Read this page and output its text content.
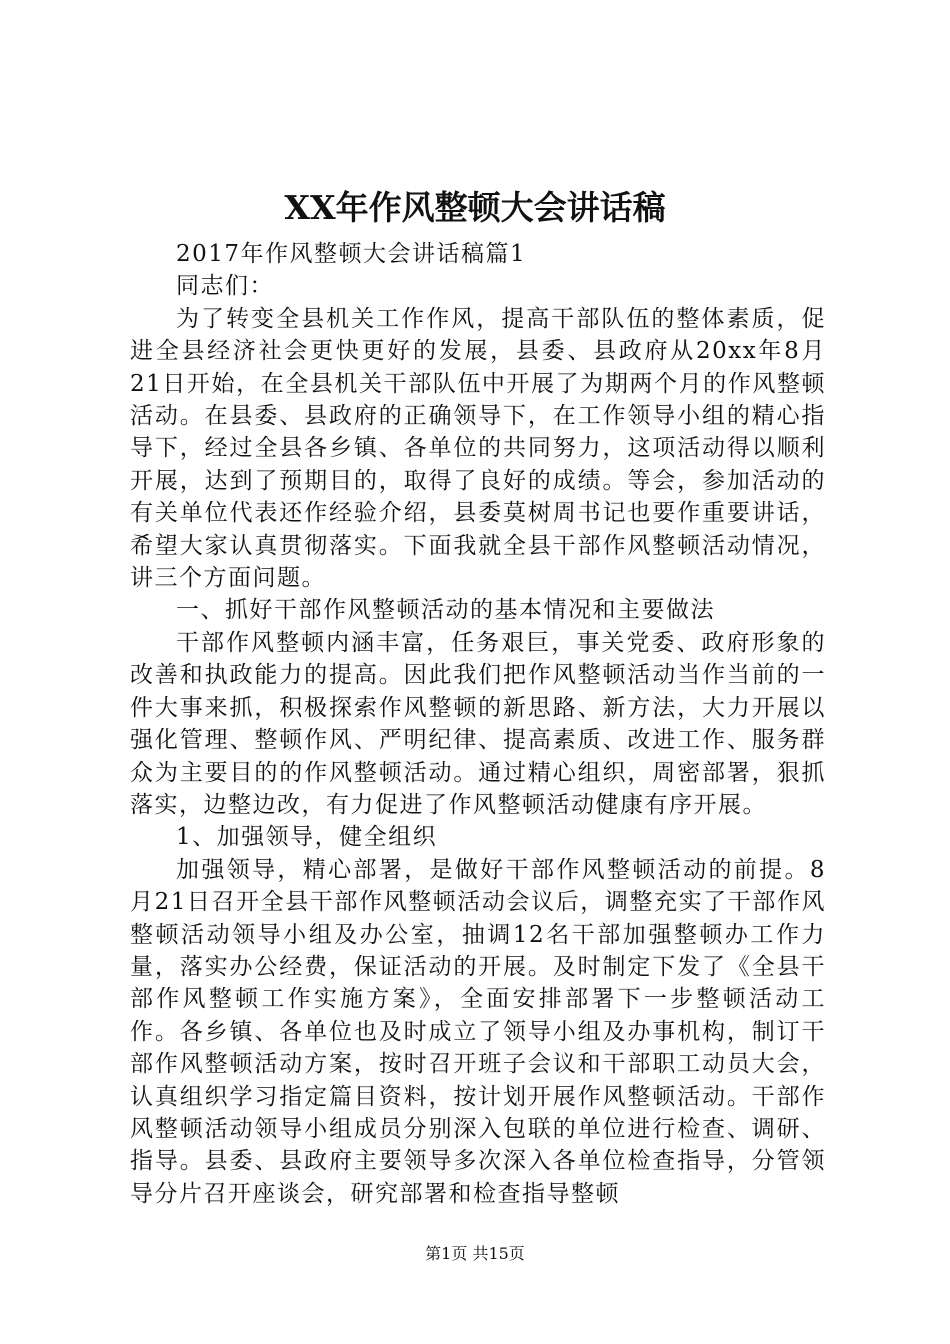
XX年作风整顿大会讲话稿

2017年作风整顿大会讲话稿篇1

同志们：

为了转变全县机关工作作风，提高干部队伍的整体素质，促进全县经济社会更快更好的发展，县委、县政府从20xx年8月21日开始，在全县机关干部队伍中开展了为期两个月的作风整顿活动。在县委、县政府的正确领导下，在工作领导小组的精心指导下，经过全县各乡镇、各单位的共同努力，这项活动得以顺利开展，达到了预期目的，取得了良好的成绩。等会，参加活动的有关单位代表还作经验介绍，县委莫树周书记也要作重要讲话，希望大家认真贯彻落实。下面我就全县干部作风整顿活动情况，讲三个方面问题。

一、抓好干部作风整顿活动的基本情况和主要做法

干部作风整顿内涵丰富，任务艰巨，事关党委、政府形象的改善和执政能力的提高。因此我们把作风整顿活动当作当前的一件大事来抓，积极探索作风整顿的新思路、新方法，大力开展以强化管理、整顿作风、严明纪律、提高素质、改进工作、服务群众为主要目的的作风整顿活动。通过精心组织，周密部署，狠抓落实，边整边改，有力促进了作风整顿活动健康有序开展。

1、加强领导，健全组织

加强领导，精心部署，是做好干部作风整顿活动的前提。8月21日召开全县干部作风整顿活动会议后，调整充实了干部作风整顿活动领导小组及办公室，抽调12名干部加强整顿办工作力量，落实办公经费，保证活动的开展。及时制定下发了《全县干部作风整顿工作实施方案》，全面安排部署下一步整顿活动工作。各乡镇、各单位也及时成立了领导小组及办事机构，制订干部作风整顿活动方案，按时召开班子会议和干部职工动员大会，认真组织学习指定篇目资料，按计划开展作风整顿活动。干部作风整顿活动领导小组成员分别深入包联的单位进行检查、调研、指导。县委、县政府主要领导多次深入各单位检查指导，分管领导分片召开座谈会，研究部署和检查指导整顿

第1页 共15页
